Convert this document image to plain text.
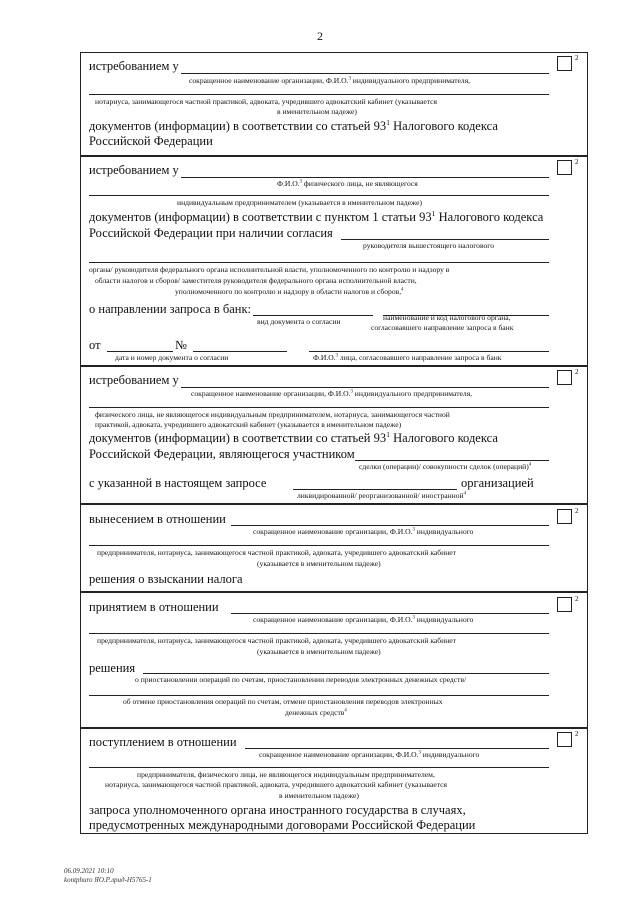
2
истребованием у
2
сокращенное наименование организации, Ф.И.О.$^3$ индивидуального предпринимателя,
нотариуса, занимающегося частной практикой, адвоката, учредившего адвокатский кабинет (указывается
в именительном падеже)
документов (информации) в соответствии со статьей $93^1$ Налогового кодекса
Российской Федерации
истребованием у
2
Ф.И.О.$^3$ физического лица, не являющегося
индивидуальным предпринимателем (указывается в именительном падеже)
документов (информации) в соответствии с пунктом 1 статьи $93^1$ Налогового кодекса
Российской Федерации при наличии согласия
руководителя вышестоящего налогового
органа/ руководителя федерального органа исполнительной власти, уполномоченного по контролю и надзору в
области налогов и сборов/ заместителя руководителя федерального органа исполнительной власти,
уполномоченного по контролю и надзору в области налогов и сборов,$^4$
о направлении запроса в банк:
вид документа о согласии	наименование и код налогового органа,
согласовавшего направление запроса в банк
от	№
дата и номер документа о согласии	Ф.И.О.$^3$ лица, согласовавшего направление запроса в банк
истребованием у
2
сокращенное наименование организации, Ф.И.О.$^3$ индивидуального предпринимателя,
физического лица, не являющегося индивидуальным предпринимателем, нотариуса, занимающегося частной
практикой, адвоката, учредившего адвокатский кабинет (указывается в именительном падеже)
документов (информации) в соответствии со статьей $93^1$ Налогового кодекса
Российской Федерации, являющегося участником
сделки (операции)/ совокупности сделок (операций)$^4$
с указанной в настоящем запросе	организацией
ликвидированной/ реорганизованной/ иностранной$^4$
вынесением в отношении
2
сокращенное наименование организации, Ф.И.О.$^3$ индивидуального
предпринимателя, нотариуса, занимающегося частной практикой, адвоката, учредившего адвокатский кабинет
(указывается в именительном падеже)
решения о взыскании налога
принятием в отношении
2
сокращенное наименование организации, Ф.И.О.$^3$ индивидуального
предпринимателя, нотариуса, занимающегося частной практикой, адвоката, учредившего адвокатский кабинет
(указывается в именительном падеже)
решения
о приостановлении операций по счетам, приостановлении переводов электронных денежных средств/
об отмене приостановления операций по счетам, отмене приостановления переводов электронных
денежных средств$^4$
поступлением в отношении
2
сокращенное наименование организации, Ф.И.О.$^3$ индивидуального
предпринимателя, физического лица, не являющегося индивидуальным предпринимателем,
нотариуса, занимающегося частной практикой, адвоката, учредившего адвокатский кабинет (указывается
в именительном падеже)
запроса уполномоченного органа иностранного государства в случаях,
предусмотренных международными договорами Российской Федерации
06.09.2021 10:10
kontphuro ЯО.Р.лрид-Н5765-1
